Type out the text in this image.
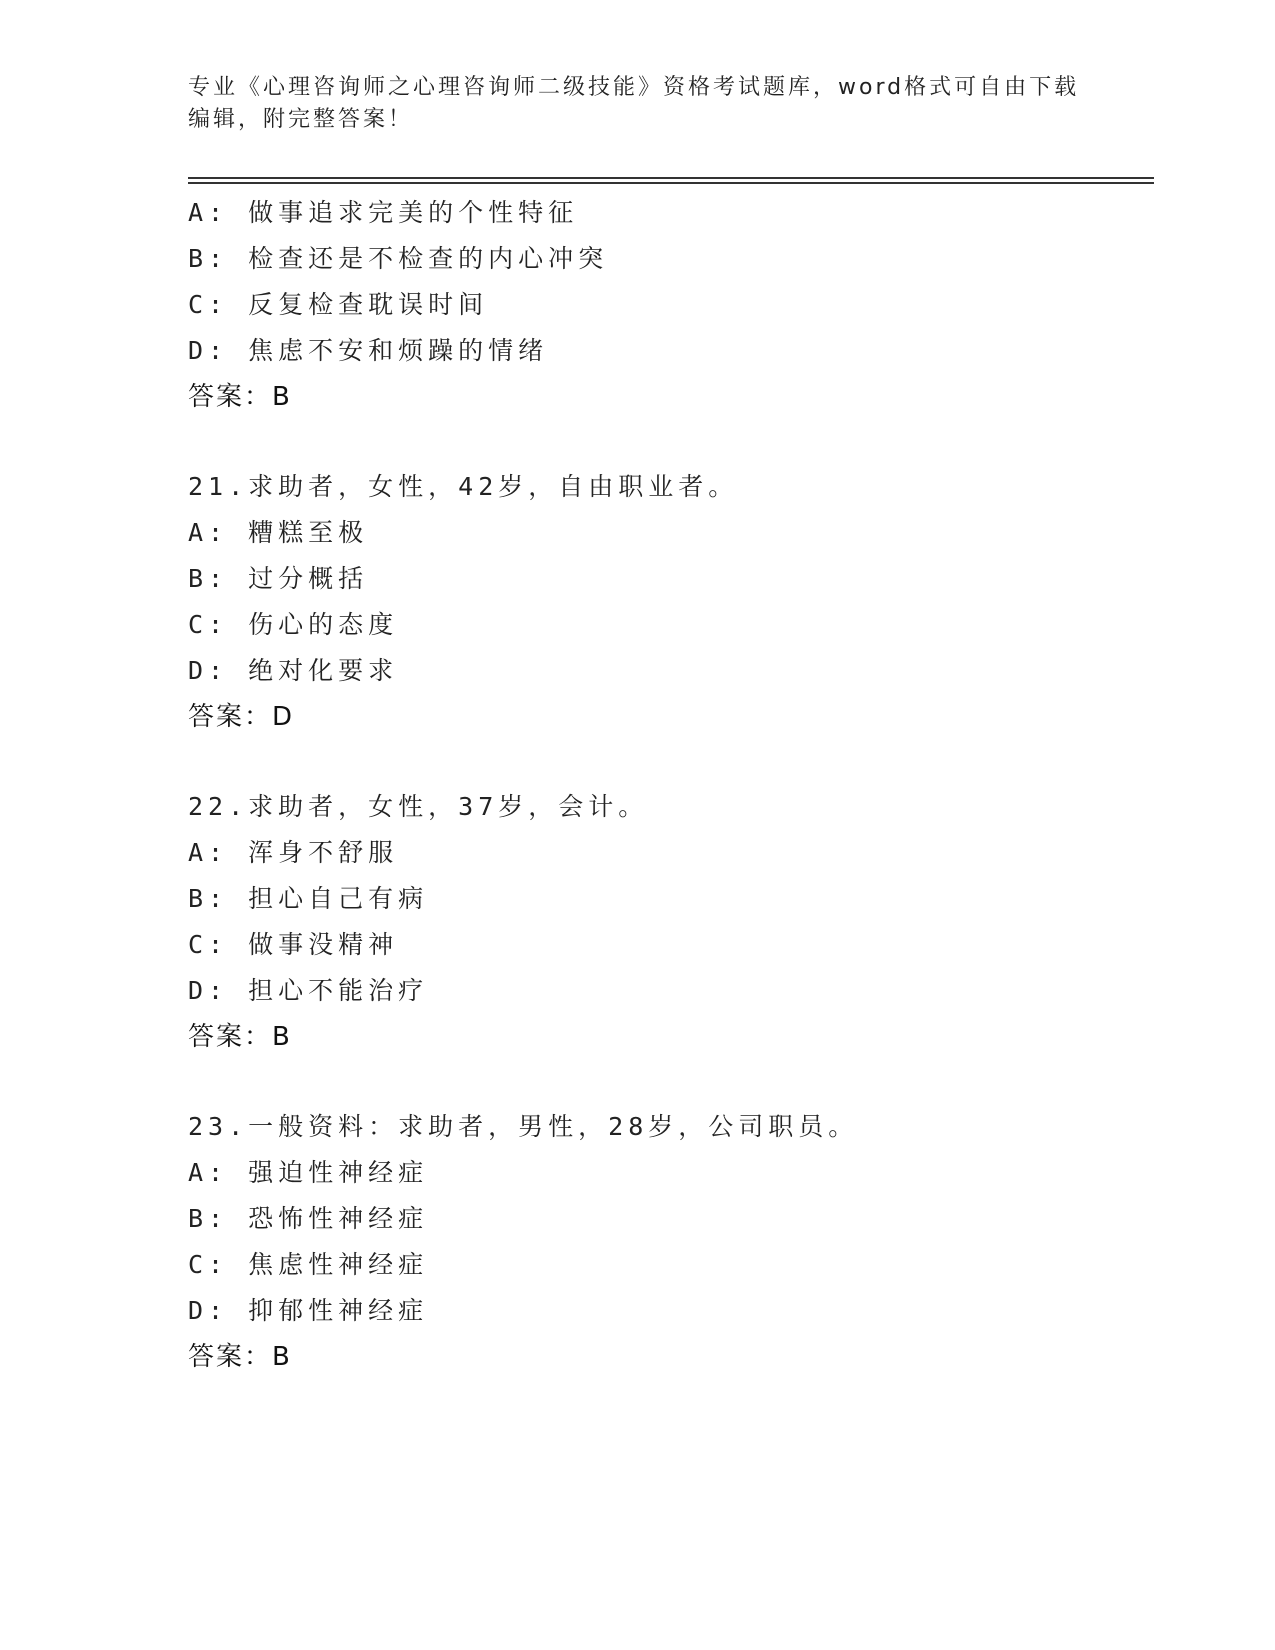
专业《心理咨询师之心理咨询师二级技能》资格考试题库，word格式可自由下载
编辑，附完整答案！
A: 做事追求完美的个性特征
B: 检查还是不检查的内心冲突
C: 反复检查耽误时间
D: 焦虑不安和烦躁的情绪
答案：B
21.求助者，女性，42岁，自由职业者。
A: 糟糕至极
B: 过分概括
C: 伤心的态度
D: 绝对化要求
答案：D
22.求助者，女性，37岁，会计。
A: 浑身不舒服
B: 担心自己有病
C: 做事没精神
D: 担心不能治疗
答案：B
23.一般资料：求助者，男性，28岁，公司职员。
A: 强迫性神经症
B: 恐怖性神经症
C: 焦虑性神经症
D: 抑郁性神经症
答案：B
